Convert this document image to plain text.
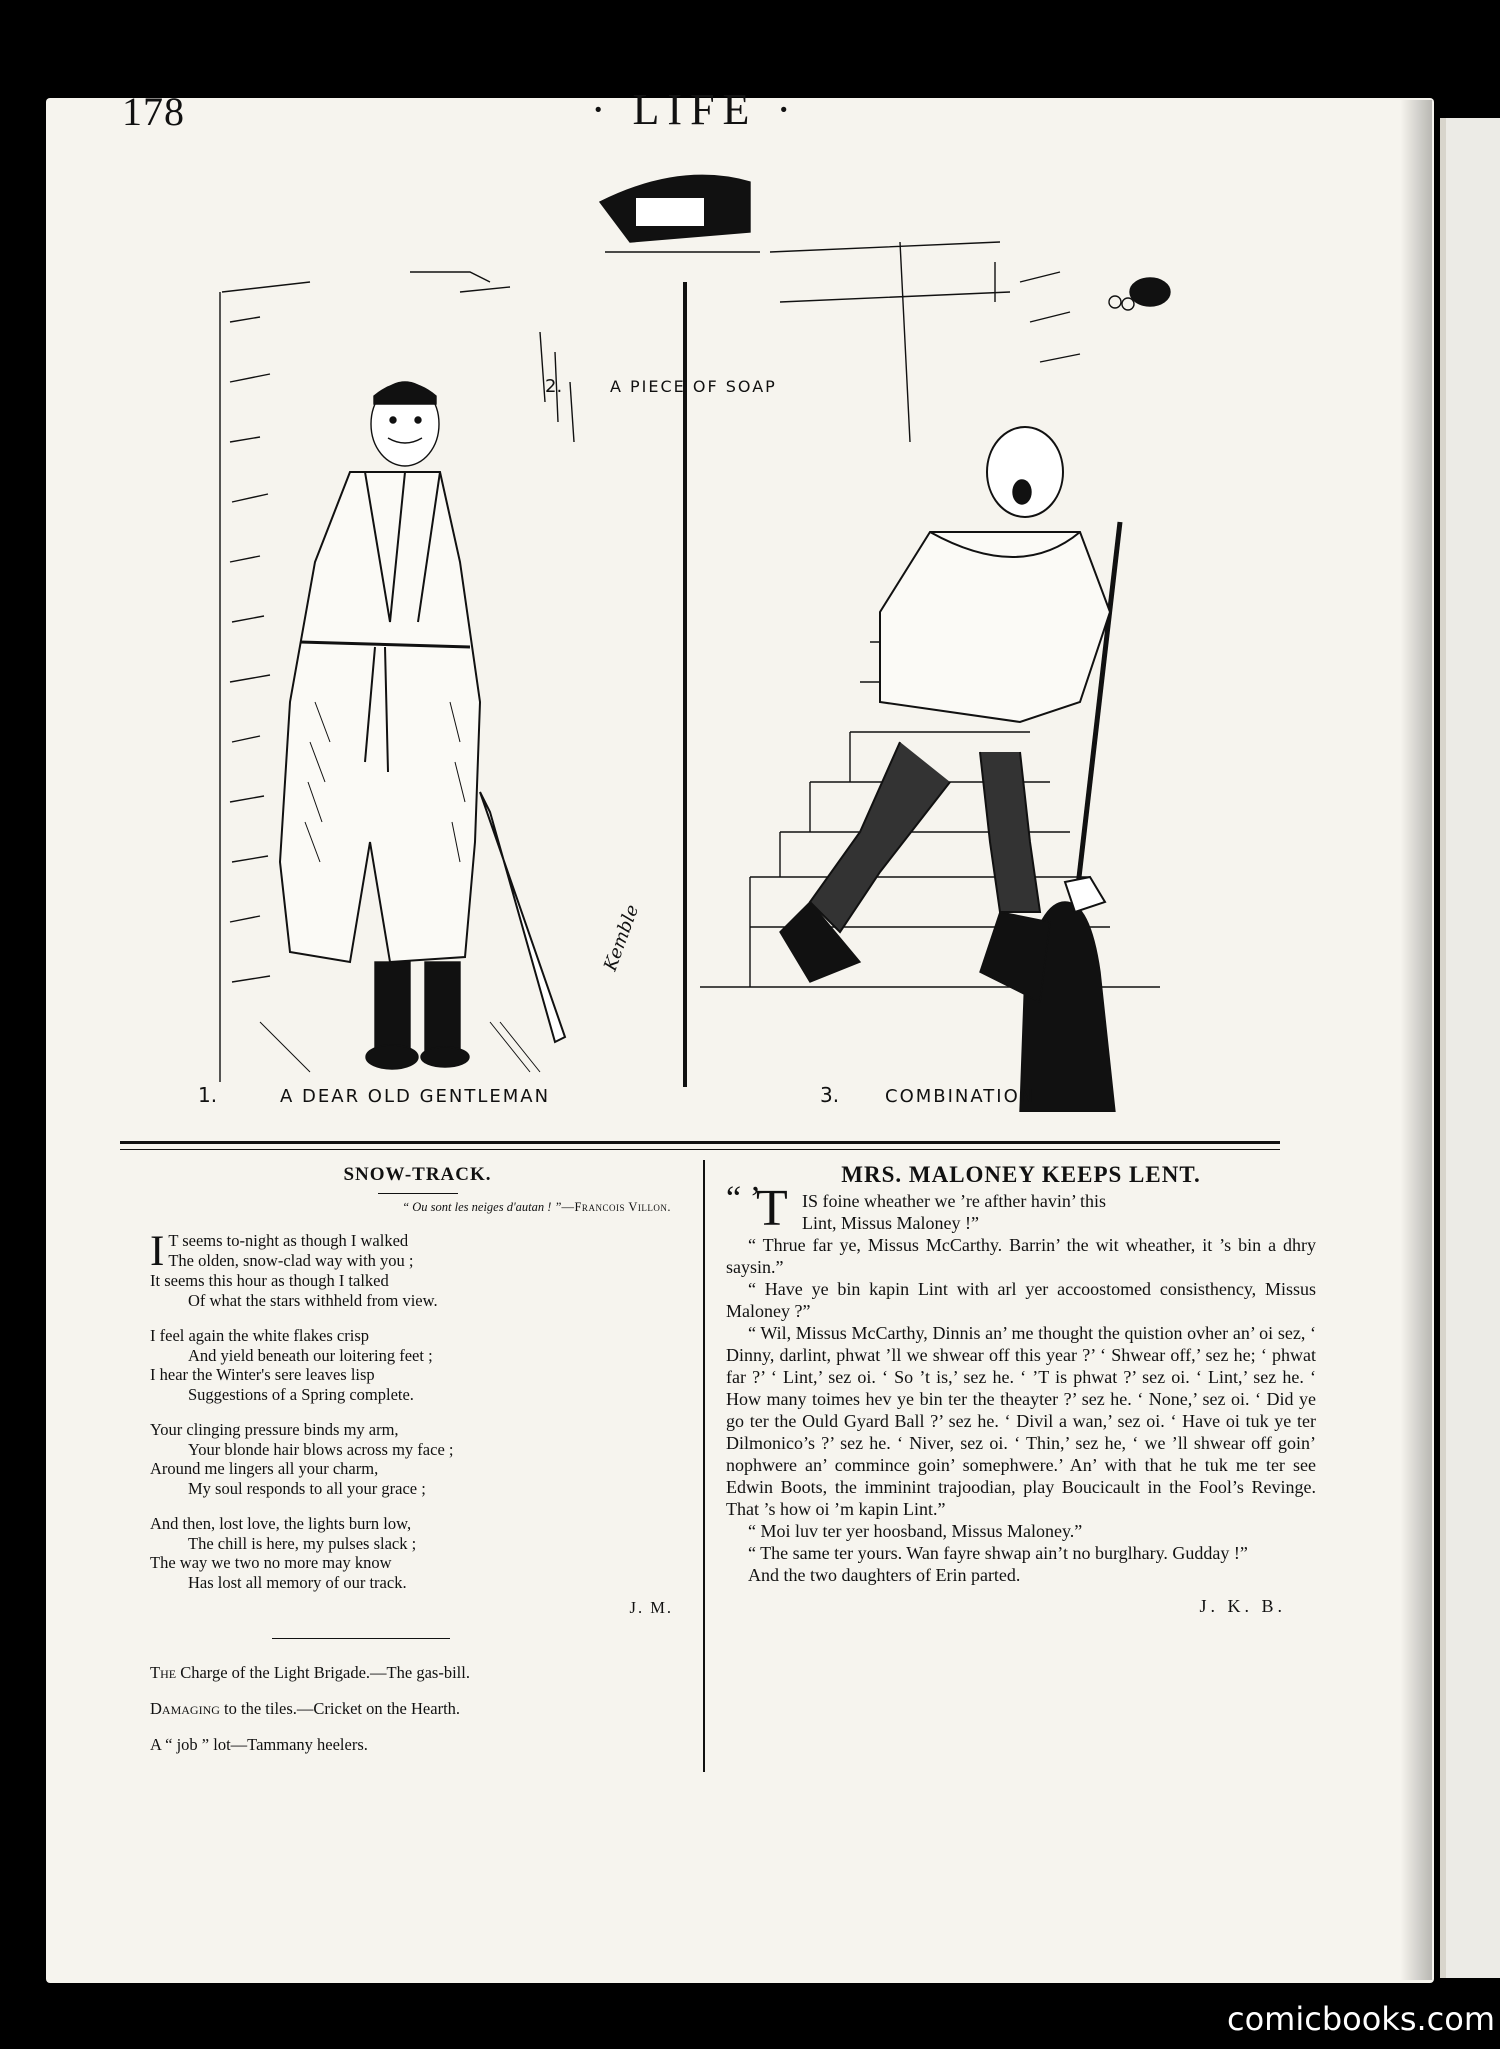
178	· LIFE ·
Kemble
1.	A DEAR OLD GENTLEMAN
2.	A PIECE OF SOAP
3.	COMBINATION
SNOW-TRACK.
“ Ou sont les neiges d'autan ! ”—Francois Villon.
I T seems to-night as though I walked
The olden, snow-clad way with you ;
It seems this hour as though I talked
Of what the stars withheld from view.
I feel again the white flakes crisp
And yield beneath our loitering feet ;
I hear the Winter's sere leaves lisp
Suggestions of a Spring complete.
Your clinging pressure binds my arm,
Your blonde hair blows across my face ;
Around me lingers all your charm,
My soul responds to all your grace ;
And then, lost love, the lights burn low,
The chill is here, my pulses slack ;
The way we two no more may know
Has lost all memory of our track.
J. M.
The Charge of the Light Brigade.—The gas-bill.
Damaging to the tiles.—Cricket on the Hearth.
A “ job ” lot—Tammany heelers.
MRS. MALONEY KEEPS LENT.
“ ’
T IS foine wheather we ’re afther havin’ this

Lint, Missus Maloney !”

“ Thrue far ye, Missus McCarthy. Barrin’ the wit wheather, it ’s bin a dhry saysin.”

“ Have ye bin kapin Lint with arl yer accoostomed consisthency, Missus Maloney ?”

“ Wil, Missus McCarthy, Dinnis an’ me thought the quistion ovher an’ oi sez, ‘ Dinny, darlint, phwat ’ll we shwear off this year ?’ ‘ Shwear off,’ sez he; ‘ phwat far ?’ ‘ Lint,’ sez oi. ‘ So ’t is,’ sez he. ‘ ’T is phwat ?’ sez oi. ‘ Lint,’ sez he. ‘ How many toimes hev ye bin ter the theayter ?’ sez he. ‘ None,’ sez oi. ‘ Did ye go ter the Ould Gyard Ball ?’ sez he. ‘ Divil a wan,’ sez oi. ‘ Have oi tuk ye ter Dilmonico’s ?’ sez he. ‘ Niver, sez oi. ‘ Thin,’ sez he, ‘ we ’ll shwear off goin’ nophwere an’ commince goin’ somephwere.’ An’ with that he tuk me ter see Edwin Boots, the imminint trajoodian, play Boucicault in the Fool’s Revinge. That ’s how oi ’m kapin Lint.”

“ Moi luv ter yer hoosband, Missus Maloney.”

“ The same ter yours. Wan fayre shwap ain’t no burglhary. Gudday !”

And the two daughters of Erin parted.

J. K. B.
comicbooks.com
